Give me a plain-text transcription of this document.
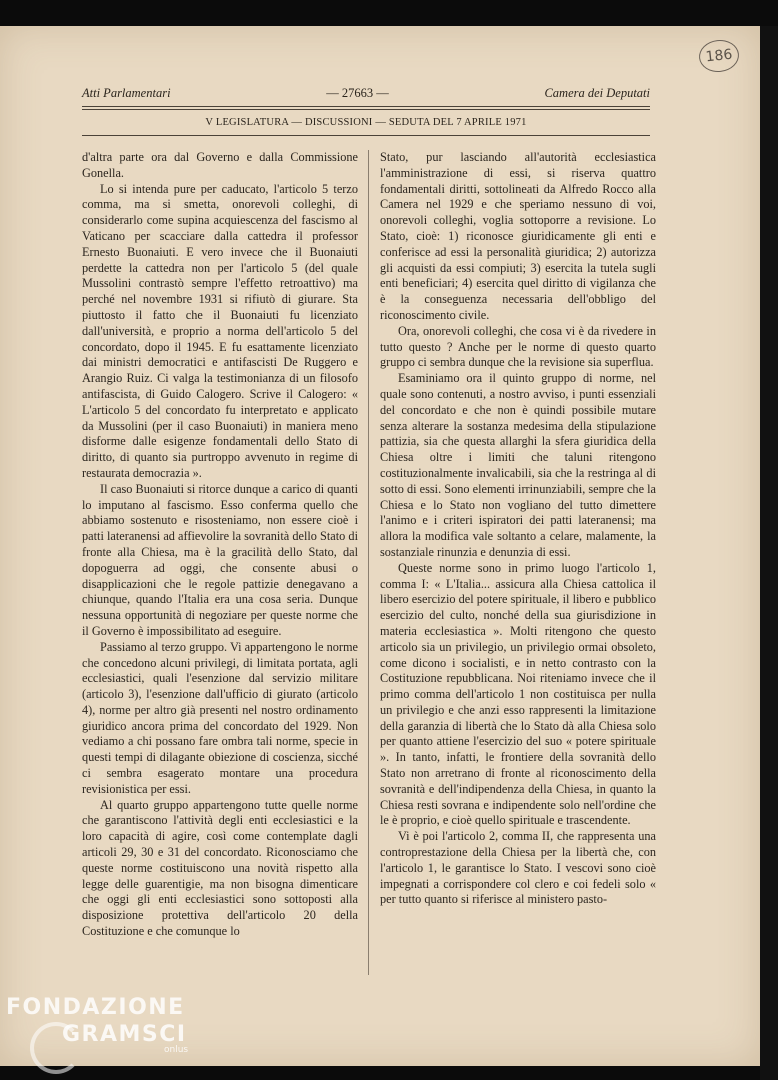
186
Atti Parlamentari	— 27663 —	Camera dei Deputati
V LEGISLATURA — DISCUSSIONI — SEDUTA DEL 7 APRILE 1971

d'altra parte ora dal Governo e dalla Commissione Gonella.

Lo si intenda pure per caducato, l'articolo 5 terzo comma, ma si smetta, onorevoli colleghi, di considerarlo come supina acquiescenza del fascismo al Vaticano per scacciare dalla cattedra il professor Ernesto Buonaiuti. E vero invece che il Buonaiuti perdette la cattedra non per l'articolo 5 (del quale Mussolini contrastò sempre l'effetto retroattivo) ma perché nel novembre 1931 si rifiutò di giurare. Sta piuttosto il fatto che il Buonaiuti fu licenziato dall'università, e proprio a norma dell'articolo 5 del concordato, dopo il 1945. E fu esattamente licenziato dai ministri democratici e antifascisti De Ruggero e Arangio Ruiz. Ci valga la testimonianza di un filosofo antifascista, di Guido Calogero. Scrive il Calogero: « L'articolo 5 del concordato fu interpretato e applicato da Mussolini (per il caso Buonaiuti) in maniera meno disforme dalle esigenze fondamentali dello Stato di diritto, di quanto sia purtroppo avvenuto in regime di restaurata democrazia ».

Il caso Buonaiuti si ritorce dunque a carico di quanti lo imputano al fascismo. Esso conferma quello che abbiamo sostenuto e risosteniamo, non essere cioè i patti lateranensi ad affievolire la sovranità dello Stato di fronte alla Chiesa, ma è la gracilità dello Stato, dal dopoguerra ad oggi, che consente abusi o disapplicazioni che le regole pattizie denegavano a chiunque, quando l'Italia era una cosa seria. Dunque nessuna opportunità di negoziare per queste norme che il Governo è impossibilitato ad eseguire.

Passiamo al terzo gruppo. Vi appartengono le norme che concedono alcuni privilegi, di limitata portata, agli ecclesiastici, quali l'esenzione dal servizio militare (articolo 3), l'esenzione dall'ufficio di giurato (articolo 4), norme per altro già presenti nel nostro ordinamento giuridico ancora prima del concordato del 1929. Non vediamo a chi possano fare ombra tali norme, specie in questi tempi di dilagante obiezione di coscienza, sicché ci sembra esagerato montare una procedura revisionistica per essi.

Al quarto gruppo appartengono tutte quelle norme che garantiscono l'attività degli enti ecclesiastici e la loro capacità di agire, così come contemplate dagli articoli 29, 30 e 31 del concordato. Riconosciamo che queste norme costituiscono una novità rispetto alla legge delle guarentigie, ma non bisogna dimenticare che oggi gli enti ecclesiastici sono sottoposti alla disposizione protettiva dell'articolo 20 della Costituzione e che comunque lo

Stato, pur lasciando all'autorità ecclesiastica l'amministrazione di essi, si riserva quattro fondamentali diritti, sottolineati da Alfredo Rocco alla Camera nel 1929 e che speriamo nessuno di voi, onorevoli colleghi, voglia sottoporre a revisione. Lo Stato, cioè: 1) riconosce giuridicamente gli enti e conferisce ad essi la personalità giuridica; 2) autorizza gli acquisti da essi compiuti; 3) esercita la tutela sugli enti beneficiari; 4) esercita quel diritto di vigilanza che è la conseguenza necessaria dell'obbligo del riconoscimento civile.

Ora, onorevoli colleghi, che cosa vi è da rivedere in tutto questo ? Anche per le norme di questo quarto gruppo ci sembra dunque che la revisione sia superflua.

Esaminiamo ora il quinto gruppo di norme, nel quale sono contenuti, a nostro avviso, i punti essenziali del concordato e che non è quindi possibile mutare senza alterare la sostanza medesima della stipulazione pattizia, sia che questa allarghi la sfera giuridica della Chiesa oltre i limiti che taluni ritengono costituzionalmente invalicabili, sia che la restringa al di sotto di essi. Sono elementi irrinunziabili, sempre che la Chiesa e lo Stato non vogliano del tutto dimettere l'animo e i criteri ispiratori dei patti lateranensi; ma allora la modifica vale soltanto a celare, malamente, la sostanziale rinunzia e denunzia di essi.

Queste norme sono in primo luogo l'articolo 1, comma I: « L'Italia... assicura alla Chiesa cattolica il libero esercizio del potere spirituale, il libero e pubblico esercizio del culto, nonché della sua giurisdizione in materia ecclesiastica ». Molti ritengono che questo articolo sia un privilegio, un privilegio ormai obsoleto, come dicono i socialisti, e in netto contrasto con la Costituzione repubblicana. Noi riteniamo invece che il primo comma dell'articolo 1 non costituisca per nulla un privilegio e che anzi esso rappresenti la limitazione della garanzia di libertà che lo Stato dà alla Chiesa solo per quanto attiene l'esercizio del suo « potere spirituale ». In tanto, infatti, le frontiere della sovranità dello Stato non arretrano di fronte al riconoscimento della sovranità e dell'indipendenza della Chiesa, in quanto la Chiesa resti sovrana e indipendente solo nell'ordine che le è proprio, e cioè quello spirituale e trascendente.

Vi è poi l'articolo 2, comma II, che rappresenta una controprestazione della Chiesa per la libertà che, con l'articolo 1, le garantisce lo Stato. I vescovi sono cioè impegnati a corrispondere col clero e coi fedeli solo « per tutto quanto si riferisce al ministero pasto-

FONDAZIONE
GRAMSCI
onlus
